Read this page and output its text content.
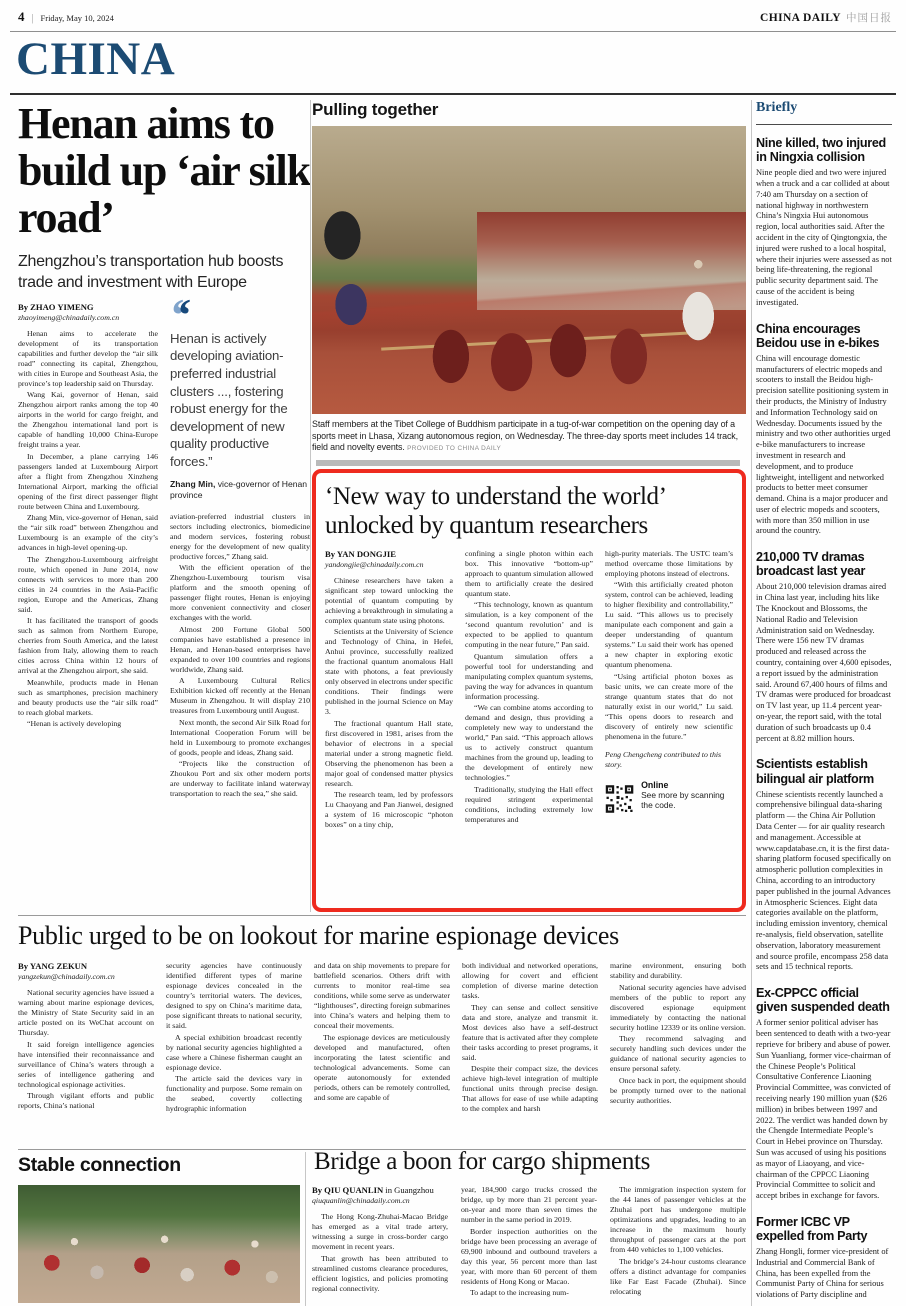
4 | Friday, May 10, 2024	CHINA DAILY 中国日报
CHINA
Henan aims to build up ‘air silk road’
Zhengzhou’s transportation hub boosts trade and investment with Europe
By ZHAO YIMENG
zhaoyimeng@chinadaily.com.cn

Henan aims to accelerate the development of its transportation capabilities and further develop the “air silk road” connecting its capital, Zhengzhou, with cities in Europe and Southeast Asia, the province’s top leadership said on Thursday.

Wang Kai, governor of Henan, said Zhengzhou airport ranks among the top 40 airports in the world for cargo freight, and the Zhengzhou international land port is capable of handling 10,000 China-Europe freight trains a year.

In December, a plane carrying 146 passengers landed at Luxembourg Airport after a flight from Zhengzhou Xinzheng International Airport, marking the official opening of the first direct passenger flight route between China and Luxembourg.

Zhang Min, vice-governor of Henan, said the “air silk road” between Zhengzhou and Luxembourg is an example of the city’s advances in high-level opening-up.

The Zhengzhou-Luxembourg airfreight route, which opened in June 2014, now connects with services to more than 200 cities in 24 countries in the Asia-Pacific region, Europe and the Americas, Zhang said.

It has facilitated the transport of goods such as salmon from Northern Europe, cherries from South America, and the latest fashion from Italy, allowing them to reach cities across China within 12 hours of arrival at the Zhengzhou airport, she said.

Meanwhile, products made in Henan such as smartphones, precision machinery and beauty products use the “air silk road” to reach global markets.

“Henan is actively developing

‘‘
Henan is actively developing aviation-preferred industrial clusters ..., fostering robust energy for the development of new quality productive forces.”
Zhang Min, vice-governor of Henan province

aviation-preferred industrial clusters in sectors including electronics, biomedicine and modern services, fostering robust energy for the development of new quality productive forces,” Zhang said.

With the efficient operation of the Zhengzhou-Luxembourg tourism visa platform and the smooth opening of passenger flight routes, Henan is enjoying more convenient connectivity and closer exchanges with the world.

Almost 200 Fortune Global 500 companies have established a presence in Henan, and Henan-based enterprises have expanded to over 100 countries and regions worldwide, Zhang said.

A Luxembourg Cultural Relics Exhibition kicked off recently at the Henan Museum in Zhengzhou. It will display 210 treasures from Luxembourg until August.

Next month, the second Air Silk Road for International Cooperation Forum will be held in Luxembourg to promote exchanges of goods, people and ideas, Zhang said.

“Projects like the construction of Zhoukou Port and six other modern ports are underway to facilitate inland waterway transportation to reach the sea,” she said.

Pulling together
Staff members at the Tibet College of Buddhism participate in a tug-of-war competition on the opening day of a sports meet in Lhasa, Xizang autonomous region, on Wednesday. The three-day sports meet includes 14 track, field and novelty events. PROVIDED TO CHINA DAILY
‘New way to understand the world’ unlocked by quantum researchers
By YAN DONGJIE
yandongjie@chinadaily.com.cn

Chinese researchers have taken a significant step toward unlocking the potential of quantum computing by achieving a breakthrough in simulating a complex quantum state using photons.

Scientists at the University of Science and Technology of China, in Hefei, Anhui province, successfully realized the fractional quantum anomalous Hall state with photons, a feat previously only observed in electrons under specific conditions. Their findings were published in the journal Science on May 3.

The fractional quantum Hall state, first discovered in 1981, arises from the behavior of electrons in a special material under a strong magnetic field. Observing the phenomenon has been a major goal of condensed matter physics research.

The research team, led by professors Lu Chaoyang and Pan Jianwei, designed a system of 16 microscopic “photon boxes” on a tiny chip,

confining a single photon within each box. This innovative “bottom-up” approach to quantum simulation allowed them to artificially create the desired quantum state.

“This technology, known as quantum simulation, is a key component of the ‘second quantum revolution’ and is expected to be applied to quantum computing in the near future,” Pan said.

Quantum simulation offers a powerful tool for understanding and manipulating complex quantum systems, paving the way for advances in quantum information processing.

“We can combine atoms according to demand and design, thus providing a completely new way to understand the world,” Pan said. “This approach allows us to actively construct quantum machines from the ground up, leading to the development of entirely new technologies.”

Traditionally, studying the Hall effect required stringent experimental conditions, including extremely low temperatures and

high-purity materials. The USTC team’s method overcame those limitations by employing photons instead of electrons.

“With this artificially created photon system, control can be achieved, leading to higher flexibility and controllability,” Lu said. “This allows us to precisely manipulate each component and gain a deeper understanding of quantum systems.” Lu said their work has opened a new chapter in exploring exotic quantum phenomena.

“Using artificial photon boxes as basic units, we can create more of the strange quantum states that do not naturally exist in our world,” Lu said. “This opens doors to research and discovery of entirely new scientific phenomena in the future.”

Peng Chengcheng contributed to this story.

Online
See more by scanning the code.
Briefly
Nine killed, two injured in Ningxia collision

Nine people died and two were injured when a truck and a car collided at about 7:40 am Thursday on a section of national highway in northwestern China’s Ningxia Hui autonomous region, local authorities said. After the accident in the city of Qingtongxia, the injured were rushed to a local hospital, where their injuries were assessed as not being life-threatening, the regional public security department said. The cause of the accident is being investigated.

China encourages Beidou use in e-bikes

China will encourage domestic manufacturers of electric mopeds and scooters to install the Beidou high-precision satellite positioning system in their products, the Ministry of Industry and Information Technology said on Wednesday. Documents issued by the ministry and two other authorities urged e-bike manufacturers to increase investment in research and development, and to produce lightweight, intelligent and networked products to better meet consumer demand. China is a major producer and user of electric mopeds and scooters, with more than 350 million in use around the country.

210,000 TV dramas broadcast last year

About 210,000 television dramas aired in China last year, including hits like The Knockout and Blossoms, the National Radio and Television Administration said on Wednesday. There were 156 new TV dramas produced and released across the country, containing over 4,600 episodes, a report issued by the administration said. Around 67,400 hours of films and TV dramas were produced for broadcast on TV last year, up 11.4 percent year-on-year, the report said, with the total duration of such broadcasts up 0.4 percent at 8.82 million hours.

Scientists establish bilingual air platform

Chinese scientists recently launched a comprehensive bilingual data-sharing platform — the China Air Pollution Data Center — for air quality research and management. Accessible at www.capdatabase.cn, it is the first data-sharing platform focused specifically on atmospheric pollution complexities in China, according to an introductory paper published in the journal Advances in Atmospheric Sciences. Eight data categories available on the platform, including emission inventory, chemical re-analysis, field observation, satellite observation, laboratory measurement and source profile, encompass 258 data sets and 15 technical reports.

Ex-CPPCC official given suspended death

A former senior political adviser has been sentenced to death with a two-year reprieve for bribery and abuse of power. Sun Yuanliang, former vice-chairman of the Chinese People’s Political Consultative Conference Liaoning Provincial Committee, was convicted of receiving nearly 190 million yuan ($26 million) in bribes between 1997 and 2022. The verdict was handed down by the Chengde Intermediate People’s Court in Hebei province on Thursday. Sun was accused of using his positions as mayor of Liaoyang, and vice-chairman of the CPPCC Liaoning Provincial Committee to solicit and accept bribes in exchange for favors.

Former ICBC VP expelled from Party

Zhang Hongli, former vice-president of Industrial and Commercial Bank of China, has been expelled from the Communist Party of China for serious violations of Party discipline and

Public urged to be on lookout for marine espionage devices
By YANG ZEKUN
yangzekun@chinadaily.com.cn

National security agencies have issued a warning about marine espionage devices, the Ministry of State Security said in an article posted on its WeChat account on Thursday.

It said foreign intelligence agencies have intensified their reconnaissance and surveillance of China’s waters through a series of intelligence gathering and technological espionage activities.

Through vigilant efforts and public reports, China’s national

security agencies have continuously identified different types of marine espionage devices concealed in the country’s territorial waters. The devices, designed to spy on China’s maritime data, pose significant threats to national security, it said.

A special exhibition broadcast recently by national security agencies highlighted a case where a Chinese fisherman caught an espionage device.

The article said the devices vary in functionality and purpose. Some remain on the seabed, covertly collecting hydrographic information

and data on ship movements to prepare for battlefield scenarios. Others drift with currents to monitor real-time sea conditions, while some serve as underwater “lighthouses”, directing foreign submarines into China’s waters and helping them to conceal their movements.

The espionage devices are meticulously developed and manufactured, often incorporating the latest scientific and technological advancements. Some can operate autonomously for extended periods, others can be remotely controlled, and some are capable of

both individual and networked operations, allowing for covert and efficient completion of diverse marine detection tasks.

They can sense and collect sensitive data and store, analyze and transmit it. Most devices also have a self-destruct feature that is activated after they complete their tasks according to preset programs, it said.

Despite their compact size, the devices achieve high-level integration of multiple functional units through precise design. That allows for ease of use while adapting to the complex and harsh

marine environment, ensuring both stability and durability.

National security agencies have advised members of the public to report any discovered espionage equipment immediately by contacting the national security hotline 12339 or its online version.

They recommend salvaging and securely handling such devices under the guidance of national security agencies to ensure personal safety.

Once back in port, the equipment should be promptly turned over to the national security authorities.

Stable connection	Bridge a boon for cargo shipments
By QIU QUANLIN in Guangzhou
qiuquanlin@chinadaily.com.cn

The Hong Kong-Zhuhai-Macao Bridge has emerged as a vital trade artery, witnessing a surge in cross-border cargo movement in recent years.

That growth has been attributed to streamlined customs clearance procedures, efficient logistics, and policies promoting regional connectivity.

year, 184,900 cargo trucks crossed the bridge, up by more than 21 percent year-on-year and more than seven times the number in the same period in 2019.

Border inspection authorities on the bridge have been processing an average of 69,900 inbound and outbound travelers a day this year, 56 percent more than last year, with more than 60 percent of them residents of Hong Kong or Macao.

To adapt to the increasing num-

The immigration inspection system for the 44 lanes of passenger vehicles at the Zhuhai port has undergone multiple optimizations and upgrades, leading to an increase in the maximum hourly throughput of passenger cars at the port from 440 vehicles to 1,100 vehicles.

The bridge’s 24-hour customs clearance offers a distinct advantage for companies like Far East Facade (Zhuhai). Since relocating
